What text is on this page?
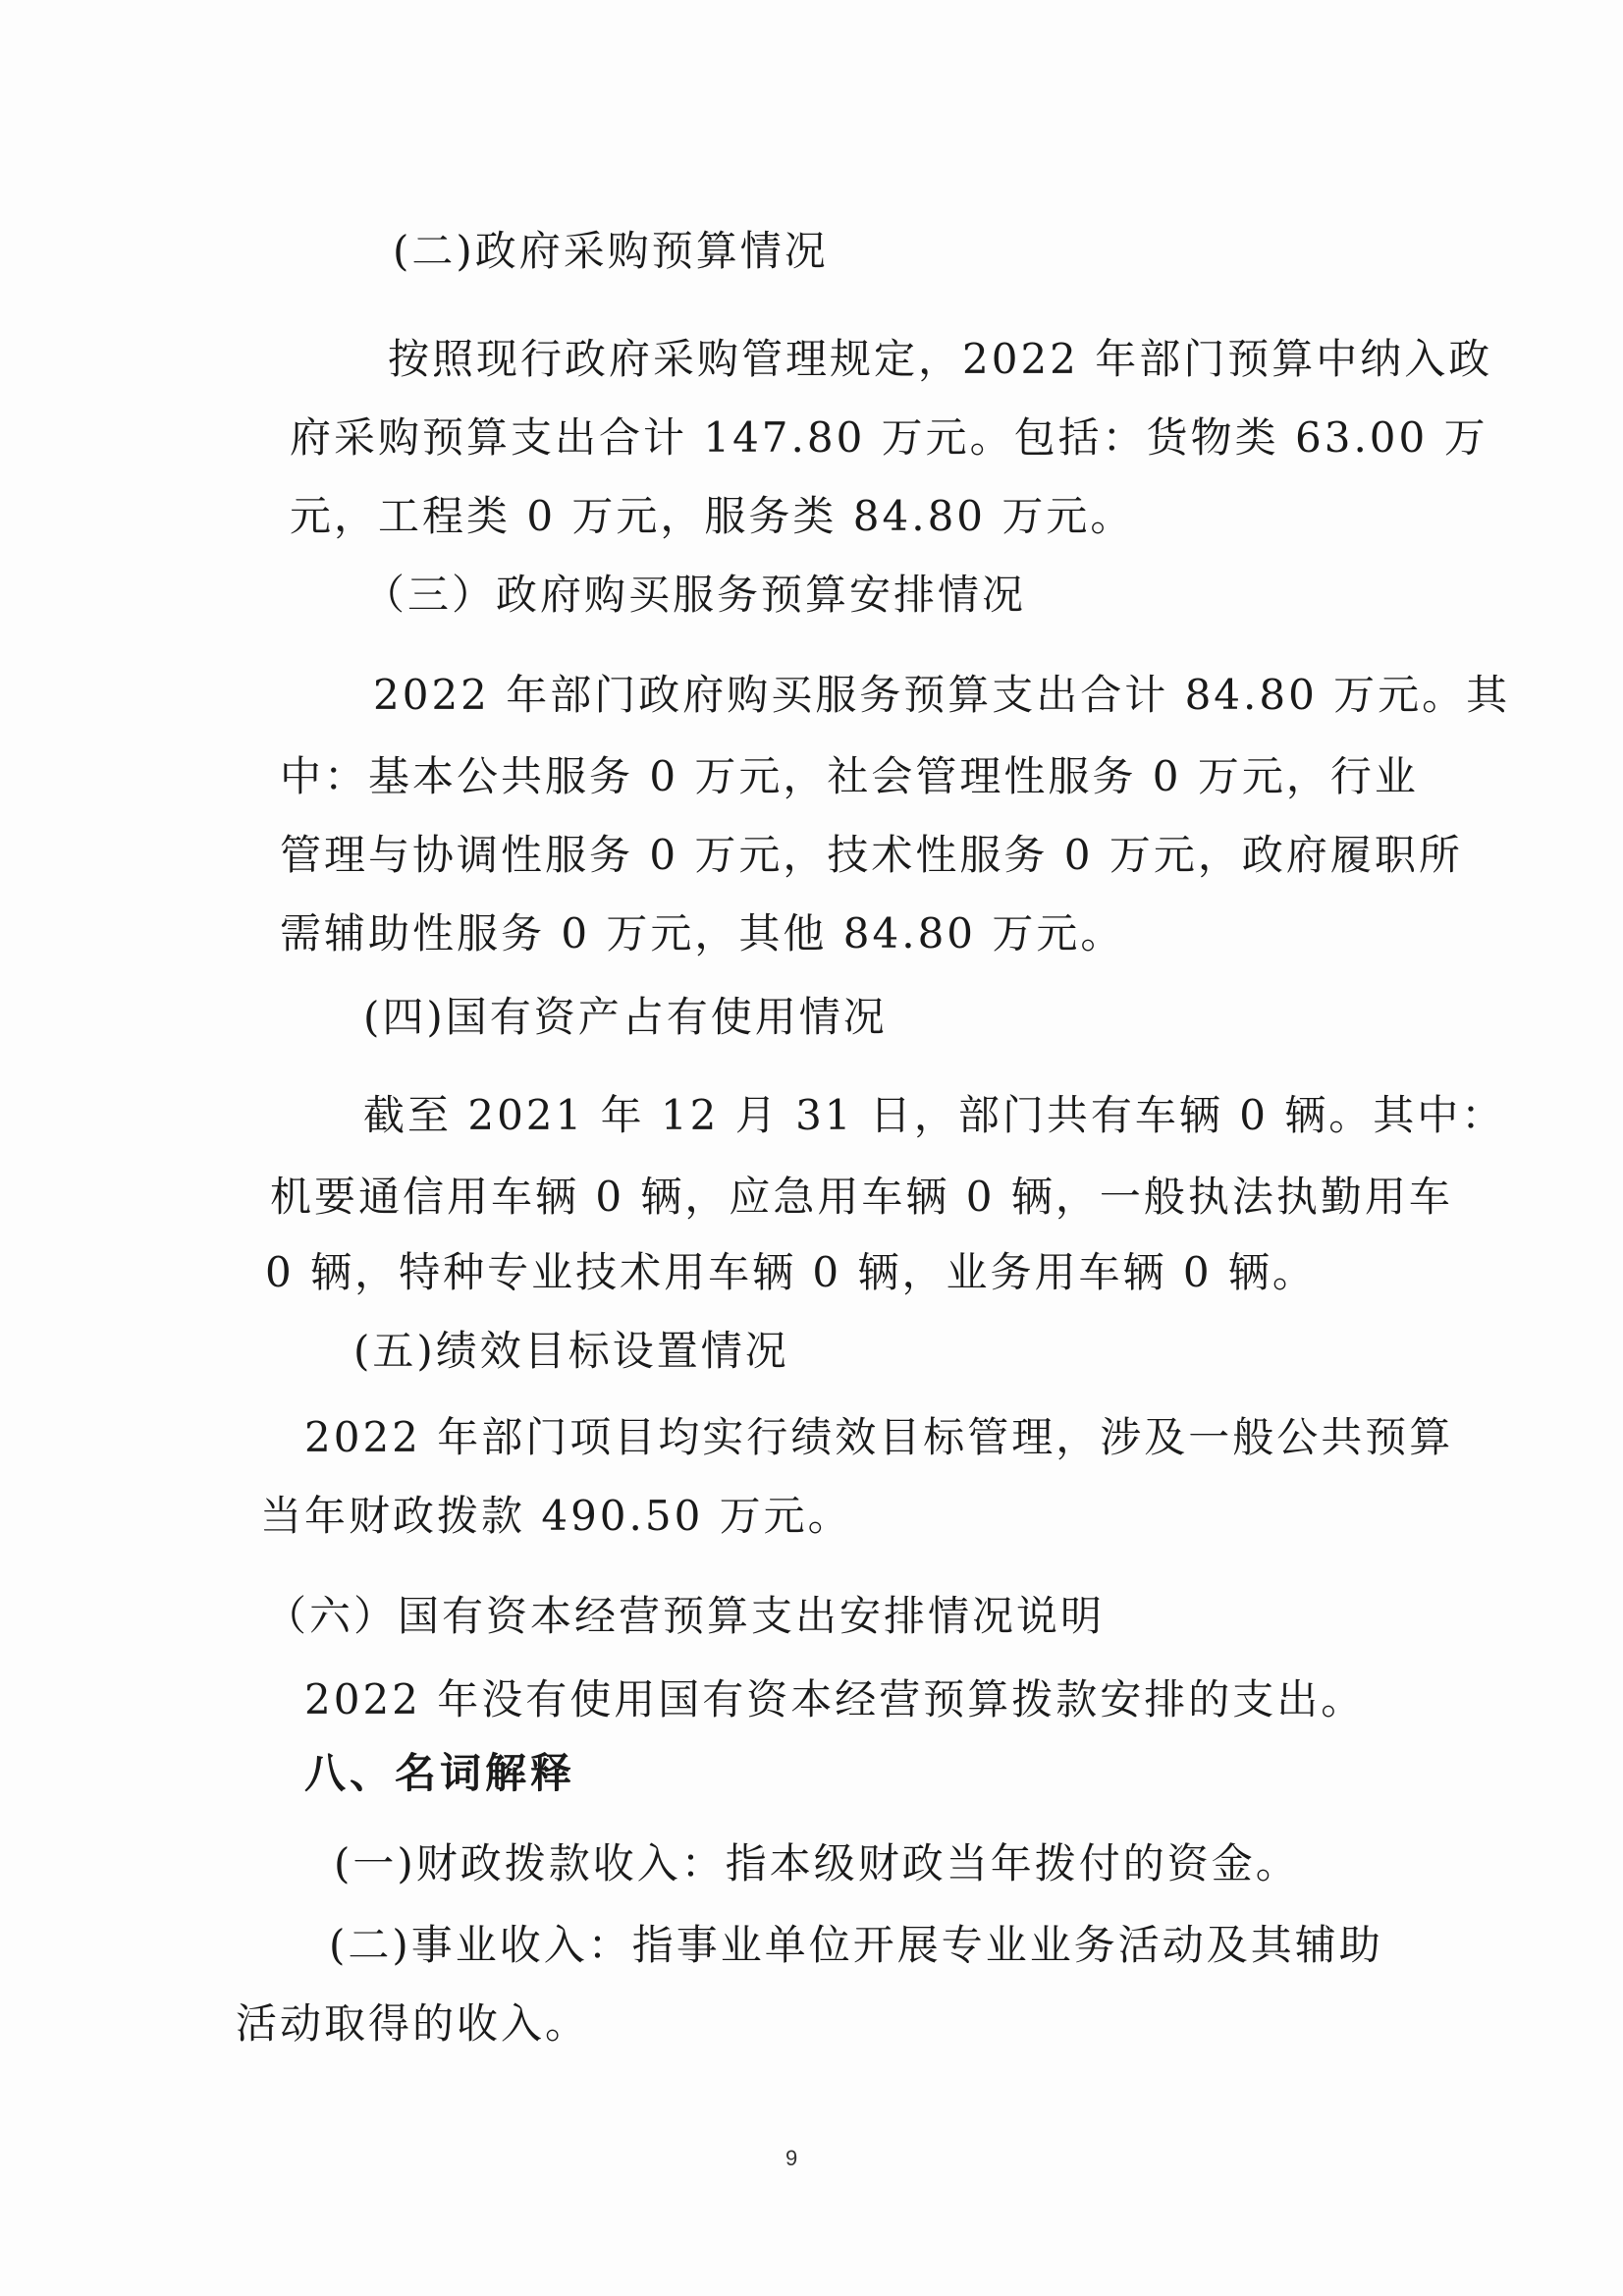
(二)政府采购预算情况

按照现行政府采购管理规定，2022 年部门预算中纳入政

府采购预算支出合计 147.80 万元。包括：货物类 63.00 万

元，工程类 0 万元，服务类 84.80 万元。

（三）政府购买服务预算安排情况

2022 年部门政府购买服务预算支出合计 84.80 万元。其

中：基本公共服务 0 万元，社会管理性服务 0 万元，行业

管理与协调性服务 0 万元，技术性服务 0 万元，政府履职所

需辅助性服务 0 万元，其他 84.80 万元。

(四)国有资产占有使用情况

截至 2021 年 12 月 31 日，部门共有车辆 0 辆。其中：

机要通信用车辆 0 辆，应急用车辆 0 辆，一般执法执勤用车

0 辆，特种专业技术用车辆 0 辆，业务用车辆 0 辆。

(五)绩效目标设置情况

2022 年部门项目均实行绩效目标管理，涉及一般公共预算

当年财政拨款 490.50 万元。

（六）国有资本经营预算支出安排情况说明

2022 年没有使用国有资本经营预算拨款安排的支出。

八、名词解释

(一)财政拨款收入：指本级财政当年拨付的资金。

(二)事业收入：指事业单位开展专业业务活动及其辅助

活动取得的收入。

9
